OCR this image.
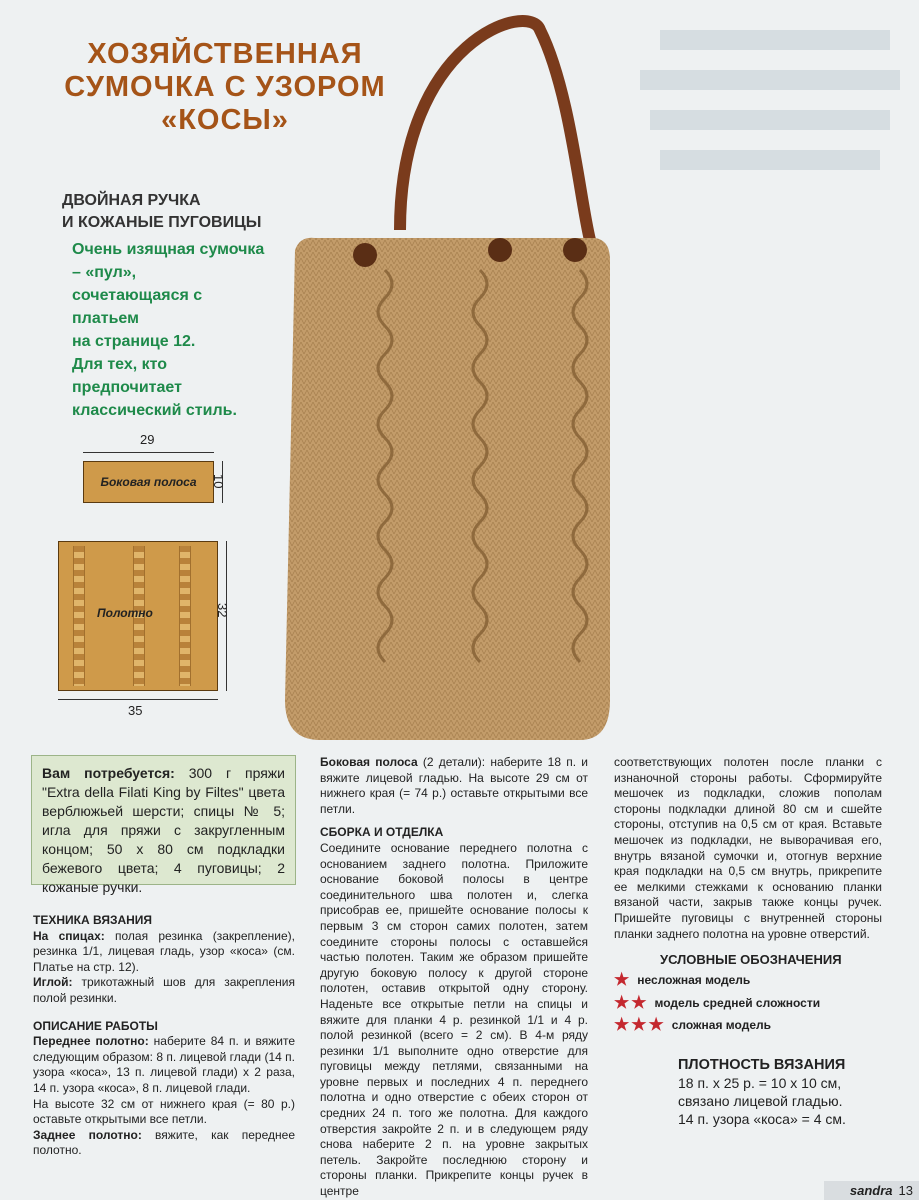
ХОЗЯЙСТВЕННАЯ
СУМОЧКА С УЗОРОМ
«КОСЫ»
ДВОЙНАЯ РУЧКА
И КОЖАНЫЕ ПУГОВИЦЫ
Очень изящная сумочка
– «пул»,
сочетающаяся с платьем
на странице 12.
Для тех, кто
предпочитает
классический стиль.
29
Боковая полоса 10
Полотно	32
35
Вам потребуется: 300 г пряжи "Extra della Filati King by Filtes" цвета верблюжьей шерсти; спицы № 5; игла для пряжи с закругленным концом; 50 х 80 см подкладки бежевого цвета; 4 пуговицы; 2 кожаные ручки.

ТЕХНИКА ВЯЗАНИЯ

На спицах: полая резинка (закрепление), резинка 1/1, лицевая гладь, узор «коса» (см. Платье на стр. 12).

Иглой: трикотажный шов для закрепления полой резинки.

ОПИСАНИЕ РАБОТЫ

Переднее полотно: наберите 84 п. и вяжите следующим образом: 8 п. лицевой глади (14 п. узора «коса», 13 п. лицевой глади) х 2 раза, 14 п. узора «коса», 8 п. лицевой глади.

На высоте 32 см от нижнего края (= 80 р.) оставьте открытыми все петли.

Заднее полотно: вяжите, как переднее полотно.

Боковая полоса (2 детали): наберите 18 п. и вяжите лицевой гладью. На высоте 29 см от нижнего края (= 74 р.) оставьте открытыми все петли.

СБОРКА И ОТДЕЛКА

Соедините основание переднего полотна с основанием заднего полотна. Приложите основание боковой полосы в центре соединительного шва полотен и, слегка присобрав ее, пришейте основание полосы к первым 3 см сторон самих полотен, затем соедините стороны полосы с оставшейся частью полотен. Таким же образом пришейте другую боковую полосу к другой стороне полотен, оставив открытой одну сторону. Наденьте все открытые петли на спицы и вяжите для планки 4 р. резинкой 1/1 и 4 р. полой резинкой (всего = 2 см). В 4-м ряду резинки 1/1 выполните одно отверстие для пуговицы между петлями, связанными на уровне первых и последних 4 п. переднего полотна и одно отверстие с обеих сторон от средних 24 п. того же полотна. Для каждого отверстия закройте 2 п. и в следующем ряду снова наберите 2 п. на уровне закрытых петель. Закройте последнюю сторону и стороны планки. Прикрепите концы ручек в центре

соответствующих полотен после планки с изнаночной стороны работы. Сформируйте мешочек из подкладки, сложив пополам стороны подкладки длиной 80 см и сшейте стороны, отступив на 0,5 см от края. Вставьте мешочек из подкладки, не выворачивая его, внутрь вязаной сумочки и, отогнув верхние края подкладки на 0,5 см внутрь, прикрепите ее мелкими стежками к основанию планки вязаной части, закрыв также концы ручек. Пришейте пуговицы с внутренней стороны планки заднего полотна на уровне отверстий.

УСЛОВНЫЕ ОБОЗНАЧЕНИЯ
★ несложная модель
★★ модель средней сложности
★★★ сложная модель
ПЛОТНОСТЬ ВЯЗАНИЯ
18 п. х 25 р. = 10 х 10 см,
связано лицевой гладью.
14 п. узора «коса» = 4 см.
sandra 13
